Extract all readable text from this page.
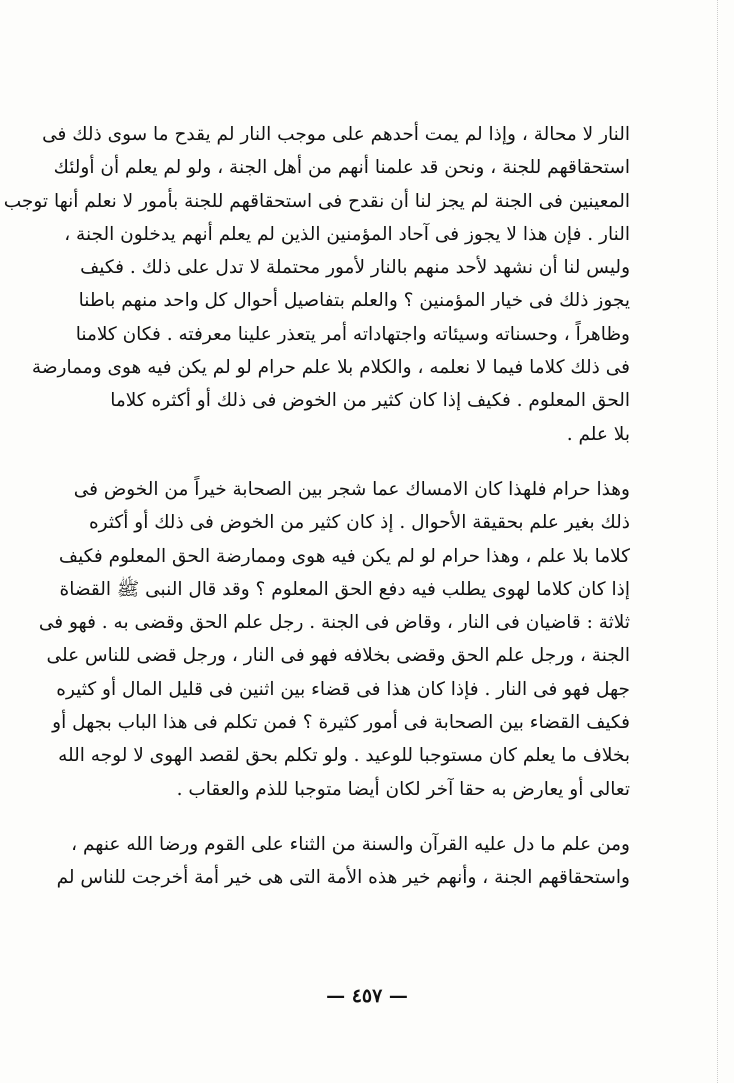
النار لا محالة ، وإذا لم يمت أحدهم على موجب النار لم يقدح ما سوى ذلك فى
استحقاقهم للجنة ، ونحن قد علمنا أنهم من أهل الجنة ، ولو لم يعلم أن أولئك
المعينين فى الجنة لم يجز لنا أن نقدح فى استحقاقهم للجنة بأمور لا نعلم أنها توجب
النار . فإن هذا لا يجوز فى آحاد المؤمنين الذين لم يعلم أنهم يدخلون الجنة ،
وليس لنا أن نشهد لأحد منهم بالنار لأمور محتملة لا تدل على ذلك . فكيف
يجوز ذلك فى خيار المؤمنين ؟ والعلم بتفاصيل أحوال كل واحد منهم باطنا
وظاهراً ، وحسناته وسيئاته واجتهاداته أمر يتعذر علينا معرفته . فكان كلامنا
فى ذلك كلاما فيما لا نعلمه ، والكلام بلا علم حرام لو لم يكن فيه هوى وممارضة
الحق المعلوم . فكيف إذا كان كثير من الخوض فى ذلك أو أكثره كلاما
بلا علم .

وهذا حرام فلهذا كان الامساك عما شجر بين الصحابة خيراً من الخوض فى
ذلك بغير علم بحقيقة الأحوال . إذ كان كثير من الخوض فى ذلك أو أكثره
كلاما بلا علم ، وهذا حرام لو لم يكن فيه هوى وممارضة الحق المعلوم فكيف
إذا كان كلاما لهوى يطلب فيه دفع الحق المعلوم ؟ وقد قال النبى ﷺ القضاة
ثلاثة : قاضيان فى النار ، وقاض فى الجنة . رجل علم الحق وقضى به . فهو فى
الجنة ، ورجل علم الحق وقضى بخلافه فهو فى النار ، ورجل قضى للناس على
جهل فهو فى النار . فإذا كان هذا فى قضاء بين اثنين فى قليل المال أو كثيره
فكيف القضاء بين الصحابة فى أمور كثيرة ؟ فمن تكلم فى هذا الباب بجهل أو
بخلاف ما يعلم كان مستوجبا للوعيد . ولو تكلم بحق لقصد الهوى لا لوجه الله
تعالى أو يعارض به حقا آخر لكان أيضا متوجبا للذم والعقاب .

ومن علم ما دل عليه القرآن والسنة من الثناء على القوم ورضا الله عنهم ،
واستحقاقهم الجنة ، وأنهم خير هذه الأمة التى هى خير أمة أخرجت للناس لم

— ٤٥٧ —
